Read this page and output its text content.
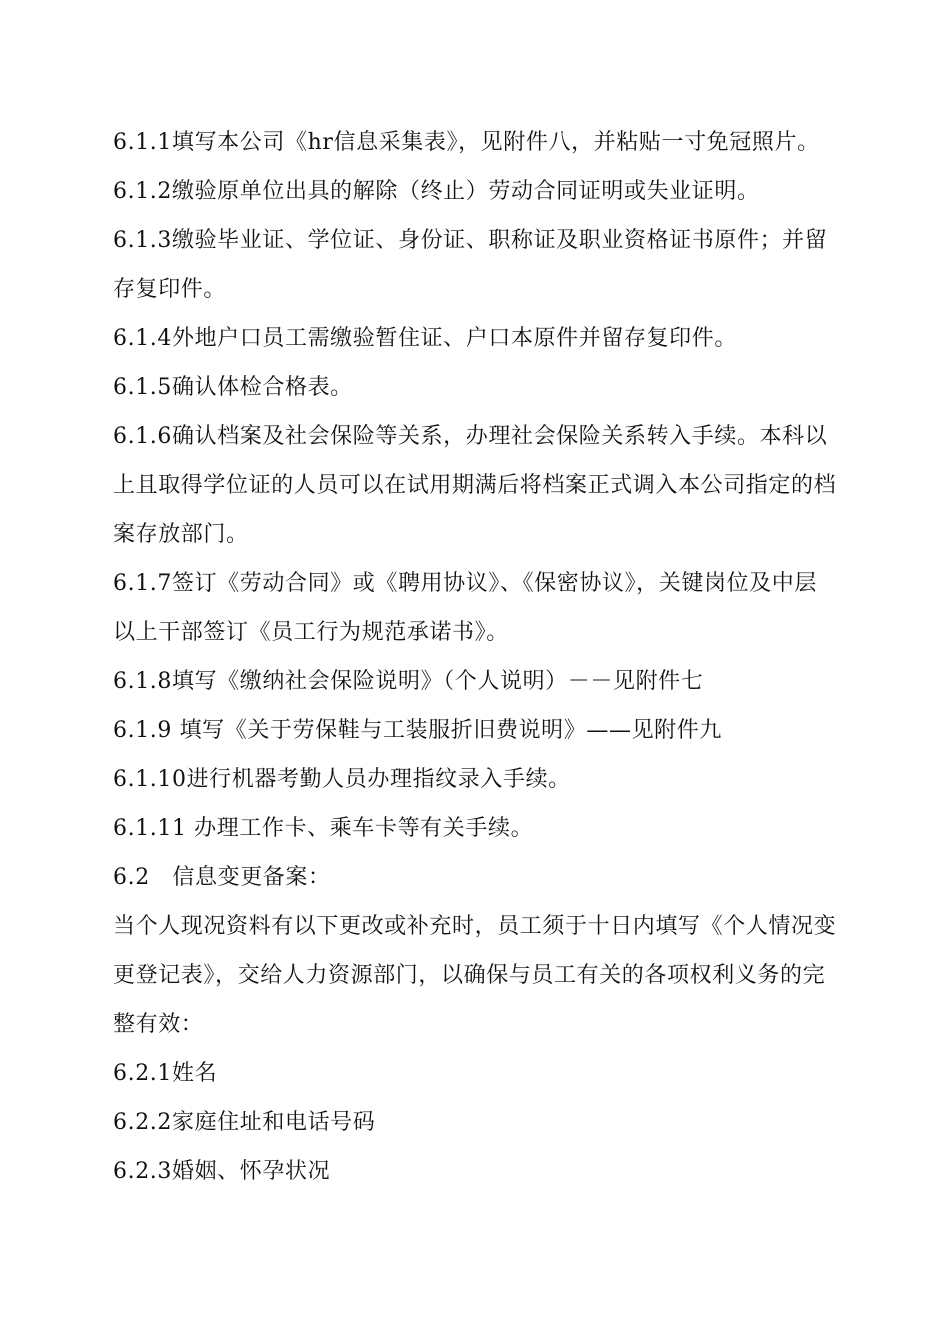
6.1.1填写本公司《hr信息采集表》，见附件八，并粘贴一寸免冠照片。

6.1.2缴验原单位出具的解除（终止）劳动合同证明或失业证明。

6.1.3缴验毕业证、学位证、身份证、职称证及职业资格证书原件；并留存复印件。

6.1.4外地户口员工需缴验暂住证、户口本原件并留存复印件。

6.1.5确认体检合格表。

6.1.6确认档案及社会保险等关系，办理社会保险关系转入手续。本科以上且取得学位证的人员可以在试用期满后将档案正式调入本公司指定的档案存放部门。

6.1.7签订《劳动合同》或《聘用协议》、《保密协议》，关键岗位及中层以上干部签订《员工行为规范承诺书》。

6.1.8填写《缴纳社会保险说明》（个人说明）－－见附件七

6.1.9 填写《关于劳保鞋与工装服折旧费说明》——见附件九

6.1.10进行机器考勤人员办理指纹录入手续。

6.1.11 办理工作卡、乘车卡等有关手续。

6.2　信息变更备案：

当个人现况资料有以下更改或补充时，员工须于十日内填写《个人情况变更登记表》，交给人力资源部门，以确保与员工有关的各项权利义务的完整有效：

6.2.1姓名

6.2.2家庭住址和电话号码

6.2.3婚姻、怀孕状况
